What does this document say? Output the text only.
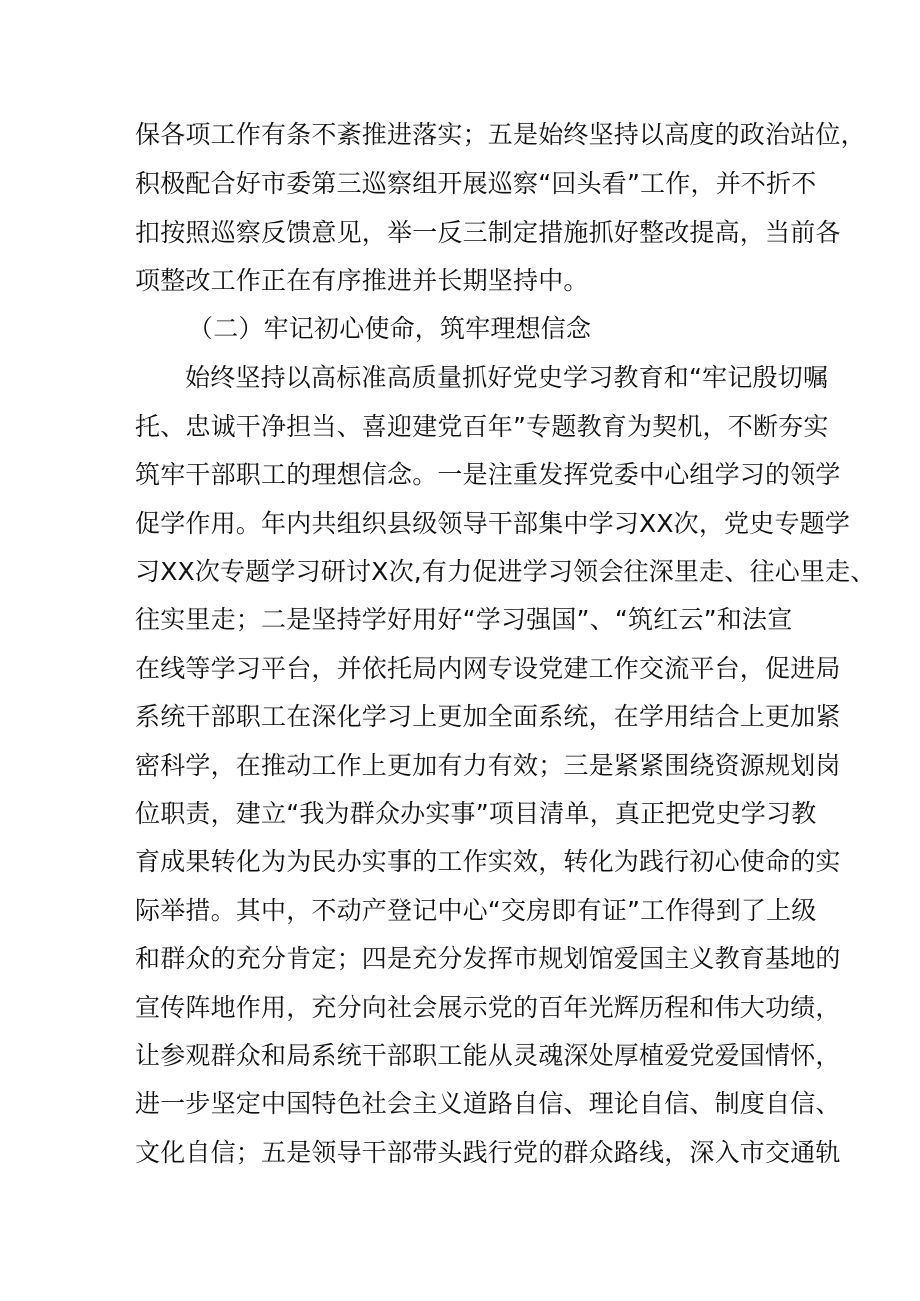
保各项工作有条不紊推进落实；五是始终坚持以高度的政治站位，
积极配合好市委第三巡察组开展巡察“回头看”工作，并不折不
扣按照巡察反馈意见，举一反三制定措施抓好整改提高，当前各
项整改工作正在有序推进并长期坚持中。
（二）牢记初心使命，筑牢理想信念
始终坚持以高标准高质量抓好党史学习教育和“牢记殷切嘱
托、忠诚干净担当、喜迎建党百年”专题教育为契机，不断夯实
筑牢干部职工的理想信念。一是注重发挥党委中心组学习的领学
促学作用。年内共组织县级领导干部集中学习XX次，党史专题学
习XX次专题学习研讨X次,有力促进学习领会往深里走、往心里走、
往实里走；二是坚持学好用好“学习强国”、“筑红云”和法宣
在线等学习平台，并依托局内网专设党建工作交流平台，促进局
系统干部职工在深化学习上更加全面系统，在学用结合上更加紧
密科学，在推动工作上更加有力有效；三是紧紧围绕资源规划岗
位职责，建立“我为群众办实事”项目清单，真正把党史学习教
育成果转化为为民办实事的工作实效，转化为践行初心使命的实
际举措。其中，不动产登记中心“交房即有证”工作得到了上级
和群众的充分肯定；四是充分发挥市规划馆爱国主义教育基地的
宣传阵地作用，充分向社会展示党的百年光辉历程和伟大功绩，
让参观群众和局系统干部职工能从灵魂深处厚植爱党爱国情怀，
进一步坚定中国特色社会主义道路自信、理论自信、制度自信、
文化自信；五是领导干部带头践行党的群众路线，深入市交通轨
